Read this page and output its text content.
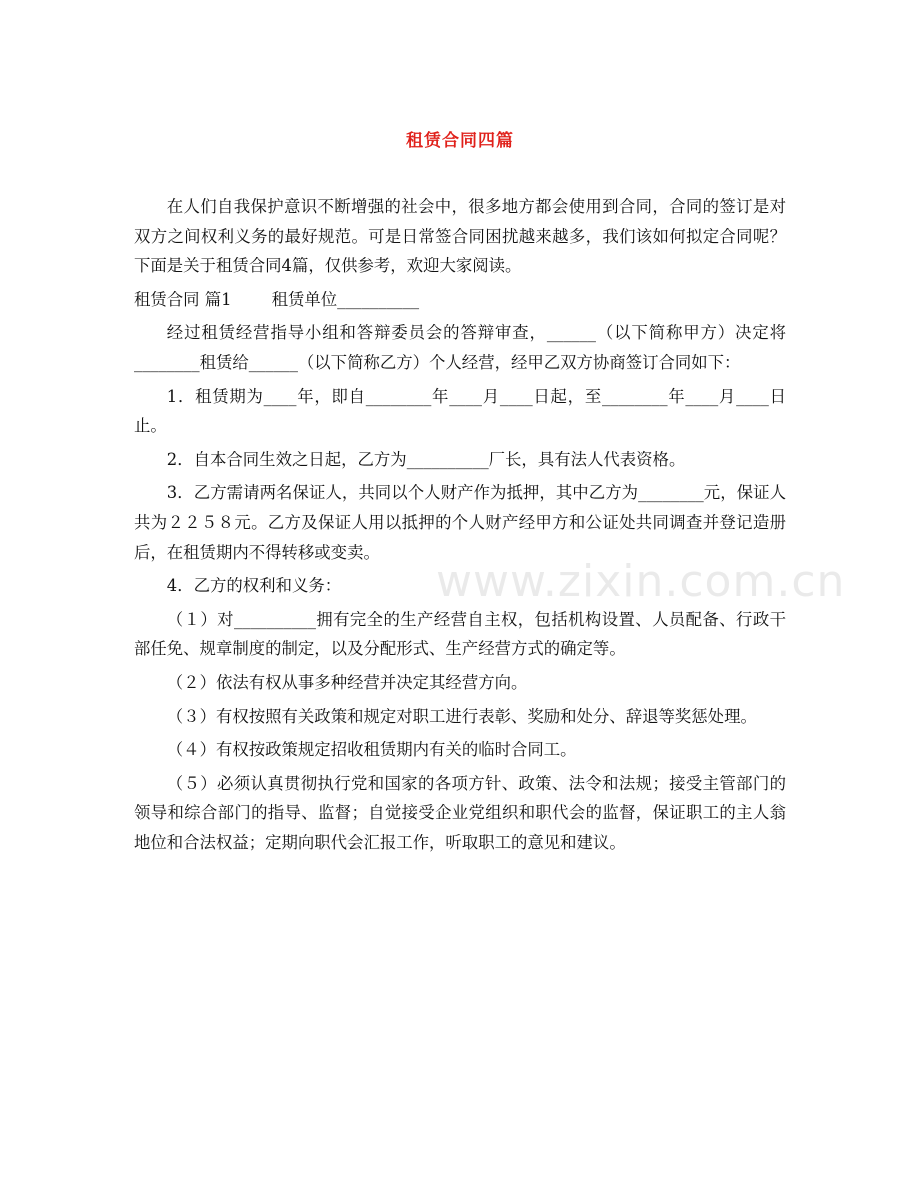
租赁合同四篇

在人们自我保护意识不断增强的社会中，很多地方都会使用到合同，合同的签订是对双方之间权利义务的最好规范。可是日常签合同困扰越来越多，我们该如何拟定合同呢？下面是关于租赁合同4篇，仅供参考，欢迎大家阅读。

租赁合同 篇1 租赁单位__________

经过租赁经营指导小组和答辩委员会的答辩审查，______（以下简称甲方）决定将________租赁给______（以下简称乙方）个人经营，经甲乙双方协商签订合同如下：

1．租赁期为____年，即自________年____月____日起，至________年____月____日止。

2．自本合同生效之日起，乙方为__________厂长，具有法人代表资格。

3．乙方需请两名保证人，共同以个人财产作为抵押，其中乙方为________元，保证人共为２２５８元。乙方及保证人用以抵押的个人财产经甲方和公证处共同调查并登记造册后，在租赁期内不得转移或变卖。

4．乙方的权利和义务：

（１）对__________拥有完全的生产经营自主权，包括机构设置、人员配备、行政干部任免、规章制度的制定，以及分配形式、生产经营方式的确定等。

（２）依法有权从事多种经营并决定其经营方向。

（３）有权按照有关政策和规定对职工进行表彰、奖励和处分、辞退等奖惩处理。

（４）有权按政策规定招收租赁期内有关的临时合同工。

（５）必须认真贯彻执行党和国家的各项方针、政策、法令和法规；接受主管部门的领导和综合部门的指导、监督；自觉接受企业党组织和职代会的监督，保证职工的主人翁地位和合法权益；定期向职代会汇报工作，听取职工的意见和建议。

www.zixin.com.cn
